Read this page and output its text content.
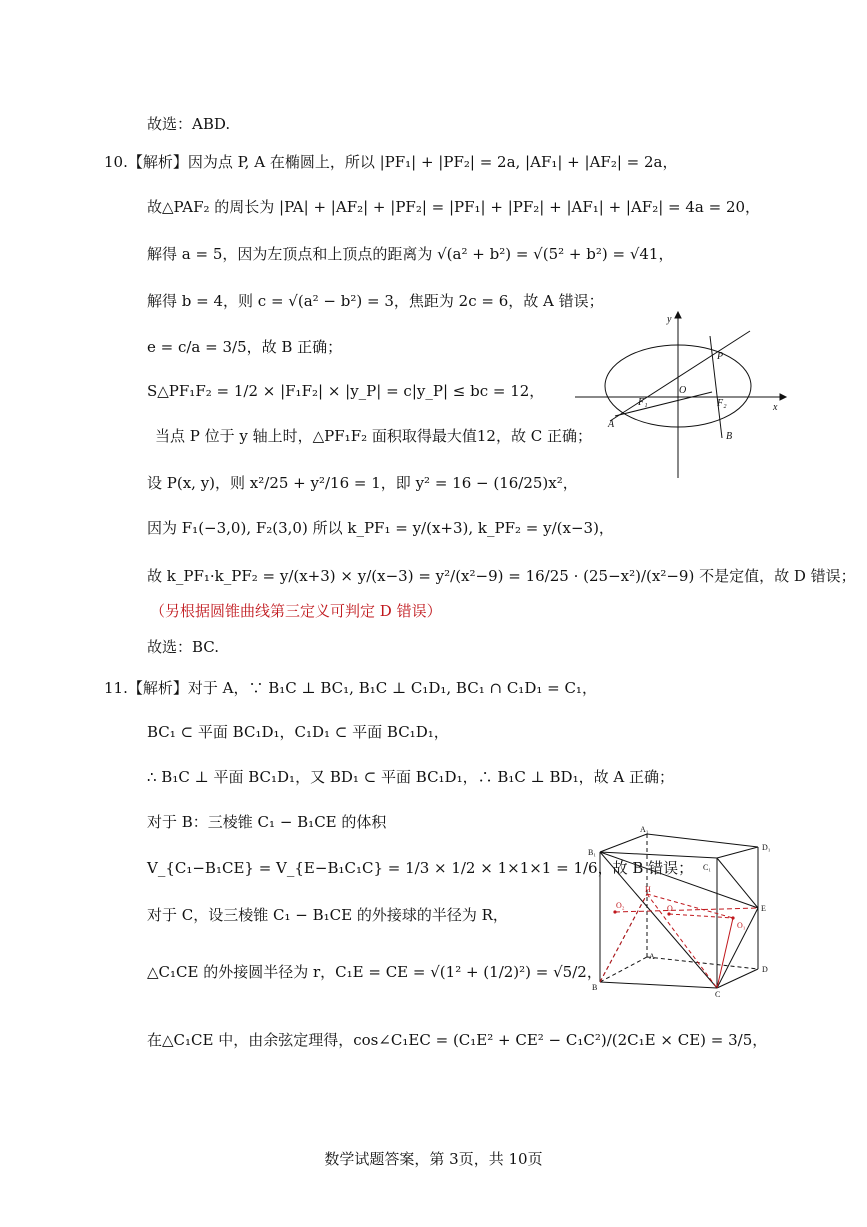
故选：ABD.
10.【解析】因为点 P, A 在椭圆上，所以 |PF₁| + |PF₂| = 2a, |AF₁| + |AF₂| = 2a，
故△PAF₂ 的周长为 |PA| + |AF₂| + |PF₂| = |PF₁| + |PF₂| + |AF₁| + |AF₂| = 4a = 20，
解得 a = 5，因为左顶点和上顶点的距离为 √(a² + b²) = √(5² + b²) = √41，
解得 b = 4，则 c = √(a² − b²) = 3，焦距为 2c = 6，故 A 错误；
e = c/a = 3/5，故 B 正确；
S△PF₁F₂ = 1/2 × |F₁F₂| × |y_P| = c|y_P| ≤ bc = 12，
当点 P 位于 y 轴上时，△PF₁F₂ 面积取得最大值12，故 C 正确；
设 P(x, y)，则 x²/25 + y²/16 = 1，即 y² = 16 − (16/25)x²，
因为 F₁(−3,0), F₂(3,0) 所以 k_PF₁ = y/(x+3), k_PF₂ = y/(x−3)，
故 k_PF₁·k_PF₂ = y/(x+3) × y/(x−3) = y²/(x²−9) = 16/25 · (25−x²)/(x²−9) 不是定值，故 D 错误；
（另根据圆锥曲线第三定义可判定 D 错误）
故选：BC.
11.【解析】对于 A，∵ B₁C ⊥ BC₁, B₁C ⊥ C₁D₁, BC₁ ∩ C₁D₁ = C₁，
BC₁ ⊂ 平面 BC₁D₁，C₁D₁ ⊂ 平面 BC₁D₁，
∴ B₁C ⊥ 平面 BC₁D₁，又 BD₁ ⊂ 平面 BC₁D₁，∴ B₁C ⊥ BD₁，故 A 正确；
对于 B：三棱锥 C₁ − B₁CE 的体积
V_{C₁−B₁CE} = V_{E−B₁C₁C} = 1/3 × 1/2 × 1×1×1 = 1/6，故 B 错误；
对于 C，设三棱锥 C₁ − B₁CE 的外接球的半径为 R，
△C₁CE 的外接圆半径为 r，C₁E = CE = √(1² + (1/2)²) = √5/2，
在△C₁CE 中，由余弦定理得，cos∠C₁EC = (C₁E² + CE² − C₁C²)/(2C₁E × CE) = 3/5，
y
x
O
P
A
B
F₁	F₂
A₁
B₁
C₁
D₁
A
B
C
D
E
H
O
O₁
O₂
数学试题答案，第 3页，共 10页
